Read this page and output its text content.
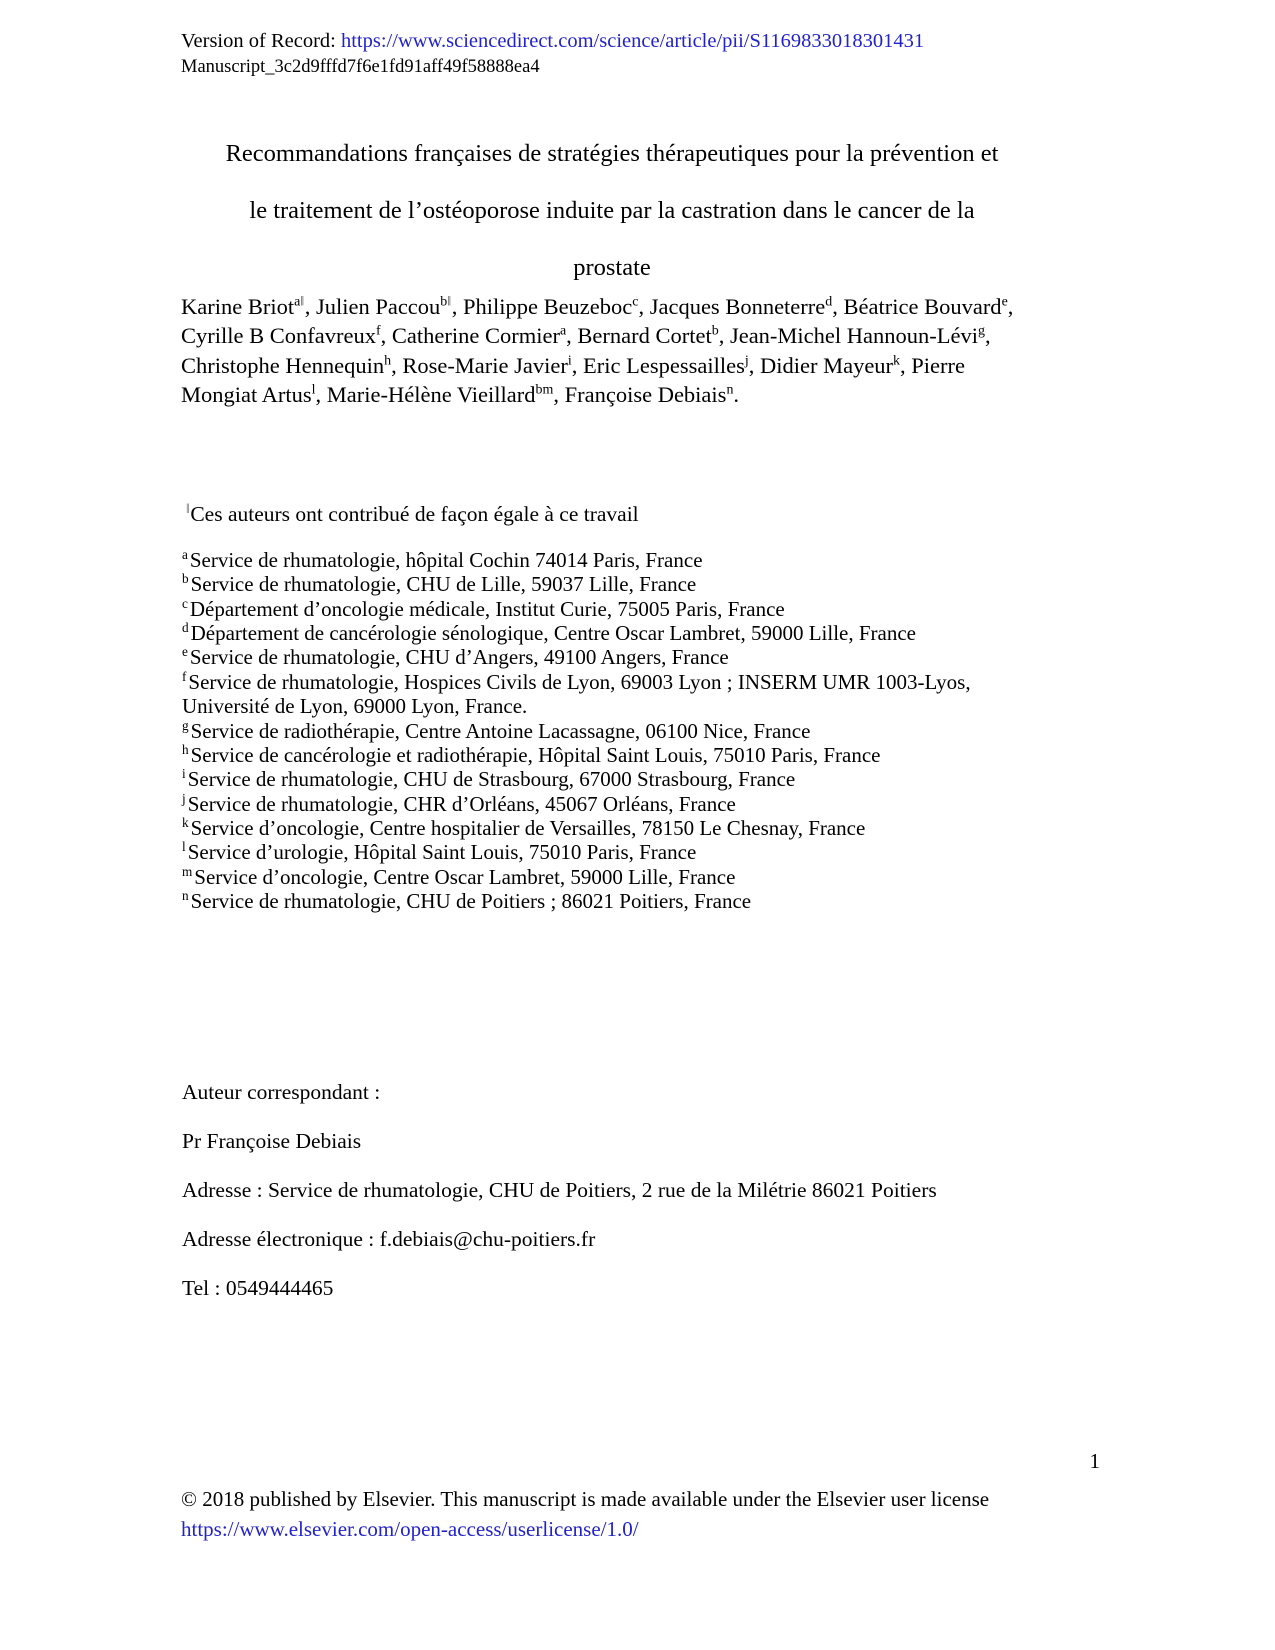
Version of Record: https://www.sciencedirect.com/science/article/pii/S1169833018301431
Manuscript_3c2d9fffd7f6e1fd91aff49f58888ea4
Recommandations françaises de stratégies thérapeutiques pour la prévention et
le traitement de l’ostéoporose induite par la castration dans le cancer de la
prostate
Karine Briot$^{a‖}$, Julien Paccou$^{b‖}$, Philippe Beuzeboc$^c$, Jacques Bonneterre$^d$, Béatrice Bouvard$^e$, Cyrille B Confavreux$^f$, Catherine Cormier$^a$, Bernard Cortet$^b$, Jean-Michel Hannoun-Lévi$^g$, Christophe Hennequin$^h$, Rose-Marie Javier$^i$, Eric Lespessailles$^j$, Didier Mayeur$^k$, Pierre Mongiat Artus$^l$, Marie-Hélène Vieillard$^{bm}$, Françoise Debiais$^n$.
‖Ces auteurs ont contribué de façon égale à ce travail
$^a$Service de rhumatologie, hôpital Cochin 74014 Paris, France
$^b$Service de rhumatologie, CHU de Lille, 59037 Lille, France
$^c$Département d’oncologie médicale, Institut Curie, 75005 Paris, France
$^d$Département de cancérologie sénologique, Centre Oscar Lambret, 59000 Lille, France
$^e$Service de rhumatologie, CHU d’Angers, 49100 Angers, France
$^f$Service de rhumatologie, Hospices Civils de Lyon, 69003 Lyon ; INSERM UMR 1003-Lyos, Université de Lyon, 69000 Lyon, France.
$^g$Service de radiothérapie, Centre Antoine Lacassagne, 06100 Nice, France
$^h$Service de cancérologie et radiothérapie, Hôpital Saint Louis, 75010 Paris, France
$^i$Service de rhumatologie, CHU de Strasbourg, 67000 Strasbourg, France
$^j$Service de rhumatologie, CHR d’Orléans, 45067 Orléans, France
$^k$Service d’oncologie, Centre hospitalier de Versailles, 78150 Le Chesnay, France
$^l$Service d’urologie, Hôpital Saint Louis, 75010 Paris, France
$^m$Service d’oncologie, Centre Oscar Lambret, 59000 Lille, France
$^n$Service de rhumatologie, CHU de Poitiers ; 86021 Poitiers, France

Auteur correspondant :

Pr Françoise Debiais

Adresse : Service de rhumatologie, CHU de Poitiers, 2 rue de la Milétrie 86021 Poitiers

Adresse électronique : f.debiais@chu-poitiers.fr

Tel : 0549444465

1
© 2018 published by Elsevier. This manuscript is made available under the Elsevier user license
https://www.elsevier.com/open-access/userlicense/1.0/
